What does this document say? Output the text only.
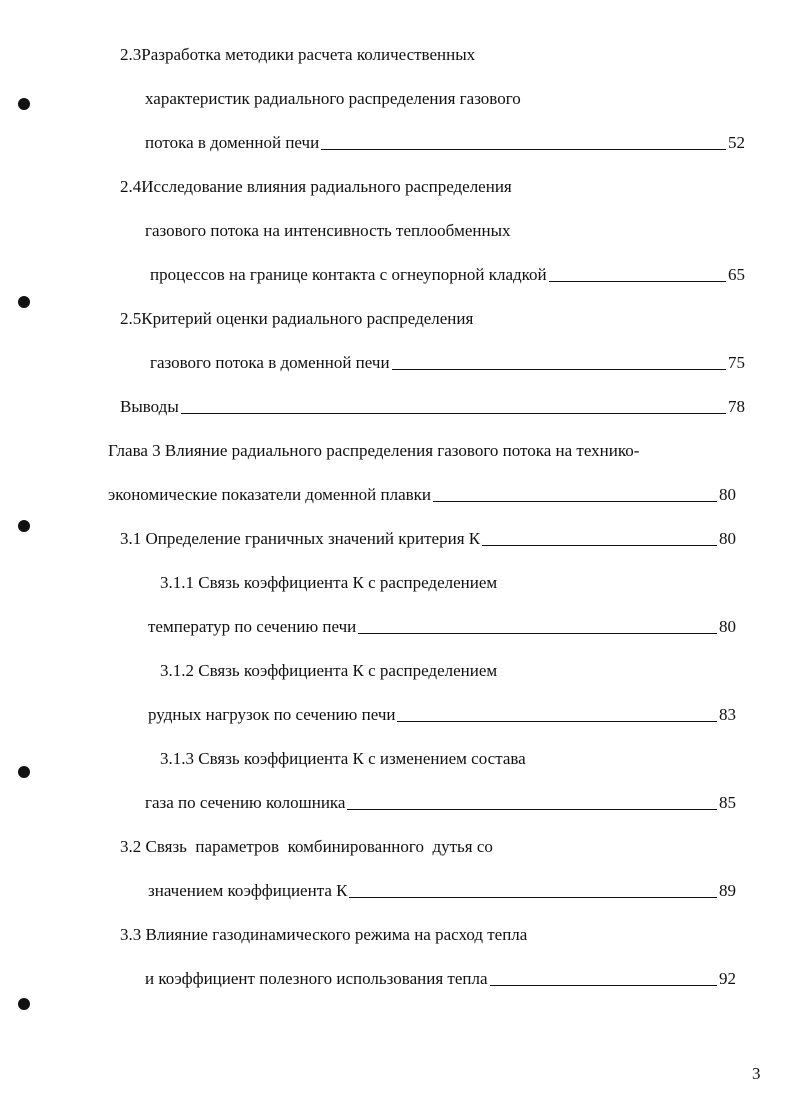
2.3Разработка методики расчета количественных
характеристик радиального распределения газового
потока в доменной печи	52
2.4Исследование влияния радиального распределения
газового потока на интенсивность теплообменных
процессов на границе контакта с огнеупорной кладкой	65
2.5Критерий оценки радиального распределения
газового потока в доменной печи	75
Выводы	78
Глава 3 Влияние радиального распределения газового потока на технико-
экономические показатели доменной плавки	80
3.1 Определение граничных значений критерия К	80
3.1.1 Связь коэффициента К с распределением
температур по сечению печи	80
3.1.2 Связь коэффициента К с распределением
рудных нагрузок по сечению печи	83
3.1.3 Связь коэффициента К с изменением состава
газа по сечению колошника	85
3.2 Связь  параметров  комбинированного  дутья со
значением коэффициента К	89
3.3 Влияние газодинамического режима на расход тепла
и коэффициент полезного использования тепла	92
3
